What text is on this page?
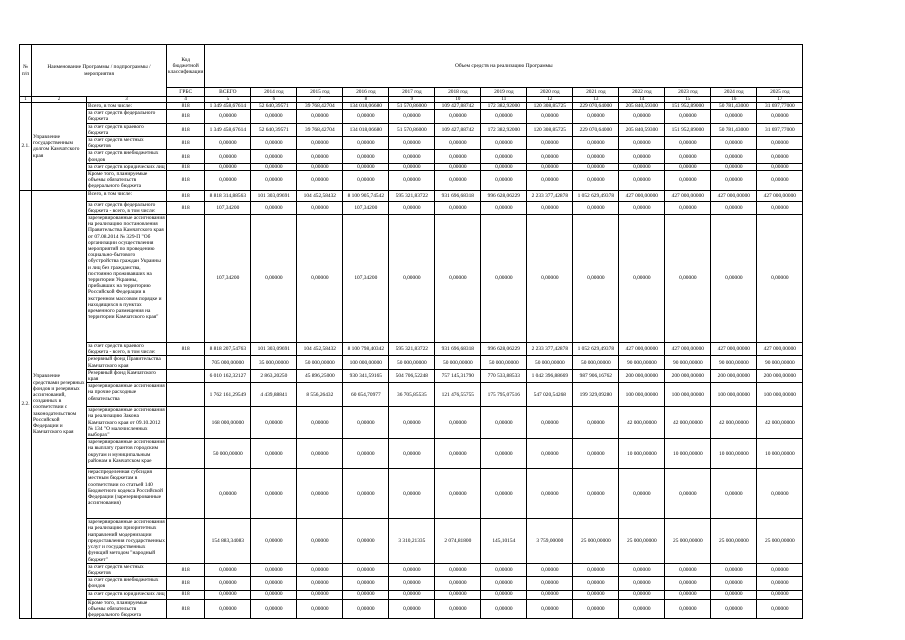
№ п/п	Наименование Программы / подпрограммы / мероприятия		Код бюджетной классификации	Объем средств на реализацию Программы												
			ГРБС	ВСЕГО	2014 год	2015 год	2016 год	2017 год	2018 год	2019 год	2020 год	2021 год	2022 год	2023 год	2024 год	2025 год
1	2	3	4	5	6	7	8	9	10	11	12	13	14	15	16	17
2.1.	Управление государственным долгом Камчатского края	Всего, в том числе:	818	1 349 458,67614	52 640,39571	39 768,42704	134 018,06680	51 570,86000	109 427,88742	172 382,92000	120 308,85725	229 070,64000	205 840,59300	151 952,89000	50 781,43000	31 697,77000
		за счет средств федерального бюджета	818	0,00000	0,00000	0,00000	0,00000	0,00000	0,00000	0,00000	0,00000	0,00000	0,00000	0,00000	0,00000	0,00000
		за счет средств краевого бюджета	818	1 349 458,67614	52 640,39571	39 768,42704	134 018,06680	51 570,86000	109 427,88742	172 382,92000	120 308,85725	229 070,64000	205 840,59300	151 952,89000	50 781,43000	31 697,77000
		за счет средств местных бюджетов	818	0,00000	0,00000	0,00000	0,00000	0,00000	0,00000	0,00000	0,00000	0,00000	0,00000	0,00000	0,00000	0,00000
		за счет средств внебюджетных фондов	818	0,00000	0,00000	0,00000	0,00000	0,00000	0,00000	0,00000	0,00000	0,00000	0,00000	0,00000	0,00000	0,00000
		за счет средств юридических лиц	818	0,00000	0,00000	0,00000	0,00000	0,00000	0,00000	0,00000	0,00000	0,00000	0,00000	0,00000	0,00000	0,00000
		Кроме того, планируемые объемы обязательств федерального бюджета	818	0,00000	0,00000	0,00000	0,00000	0,00000	0,00000	0,00000	0,00000	0,00000	0,00000	0,00000	0,00000	0,00000
2.2.	Управление средствами резервных фондов и резервных ассигнований, созданных в соответствии с законодательством Российской Федерации и Камчатского края	Всего, в том числе:	818	8 818 314,88563	101 303,09691	104 452,58432	8 100 905,74542	595 321,83722	931 696,68318	996 628,06229	2 233 377,42878	1 052 629,49378	427 000,00000	427 000,00000	427 000,00000	427 000,00000
		за счет средств федерального бюджета - всего, в том числе:	818	107,34200	0,00000	0,00000	107,34200	0,00000	0,00000	0,00000	0,00000	0,00000	0,00000	0,00000	0,00000	0,00000
		зарезервированные ассигнования на реализацию постановления Правительства Камчатского края от 07.08.2014 № 329-П "Об организации осуществления мероприятий по проведению социально-бытового обустройства граждан Украины и лиц без гражданства, постоянно проживавших на территории Украины, прибывших на территорию Российской Федерации в экстренном массовом порядке и находящихся в пунктах временного размещения на территории Камчатского края"		107,34200	0,00000	0,00000	107,34200	0,00000	0,00000	0,00000	0,00000	0,00000	0,00000	0,00000	0,00000	0,00000
		за счет средств краевого бюджета - всего, в том числе:	818	8 818 207,54763	101 303,09691	104 452,58432	8 100 798,40342	595 321,83722	931 696,68318	996 628,06229	2 233 377,42878	1 052 629,49378	427 000,00000	427 000,00000	427 000,00000	427 000,00000
		резервный фонд Правительства Камчатского края		705 000,00000	35 000,00000	50 000,00000	100 000,00000	50 000,00000	50 000,00000	50 000,00000	50 000,00000	50 000,00000	90 000,00000	90 000,00000	90 000,00000	90 000,00000
		Резервный фонд Камчатского края		6 010 162,32127	2 863,20250	45 896,25000	930 341,59165	504 706,52248	757 145,31790	770 533,88533	1 042 396,88669	987 906,16762	200 000,00000	200 000,00000	200 000,00000	200 000,00000
		зарезервированные ассигнования на прочие расходные обязательства		1 762 161,29549	4 439,88841	8 556,26432	60 654,70977	36 705,85535	121 476,55755	175 795,07516	547 020,54268	199 329,09280	100 000,00000	100 000,00000	100 000,00000	100 000,00000
		зарезервированные ассигнования на реализацию Закона Камчатского края от 09.10.2012 № 134 "О малочисленных выборах"		168 000,00000	0,00000	0,00000	0,00000	0,00000	0,00000	0,00000	0,00000	0,00000	42 000,00000	42 000,00000	42 000,00000	42 000,00000
		зарезервированные ассигнования на выплату грантов городским округам и муниципальным районам в Камчатском крае		50 000,00000	0,00000	0,00000	0,00000	0,00000	0,00000	0,00000	0,00000	0,00000	10 000,00000	10 000,00000	10 000,00000	10 000,00000
		нераспределенная субсидия местным бюджетам в соответствии со статьей 140 Бюджетного кодекса Российской Федерации (зарезервированные ассигнования)		0,00000	0,00000	0,00000	0,00000	0,00000	0,00000	0,00000	0,00000	0,00000	0,00000	0,00000	0,00000	0,00000
		зарезервированные ассигнования на реализацию приоритетных направлений модернизации предоставления государственных услуг и государственных функций методом "народный бюджет"		154 883,34083	0,00000	0,00000	0,00000	3 310,21335	2 074,81800	145,10154	3 759,00000	25 000,00000	25 000,00000	25 000,00000	25 000,00000	25 000,00000
		за счет средств местных бюджетов	818	0,00000	0,00000	0,00000	0,00000	0,00000	0,00000	0,00000	0,00000	0,00000	0,00000	0,00000	0,00000	0,00000
		за счет средств внебюджетных фондов	818	0,00000	0,00000	0,00000	0,00000	0,00000	0,00000	0,00000	0,00000	0,00000	0,00000	0,00000	0,00000	0,00000
		за счет средств юридических лиц	818	0,00000	0,00000	0,00000	0,00000	0,00000	0,00000	0,00000	0,00000	0,00000	0,00000	0,00000	0,00000	0,00000
		Кроме того, планируемые объемы обязательств федерального бюджета	818	0,00000	0,00000	0,00000	0,00000	0,00000	0,00000	0,00000	0,00000	0,00000	0,00000	0,00000	0,00000	0,00000
